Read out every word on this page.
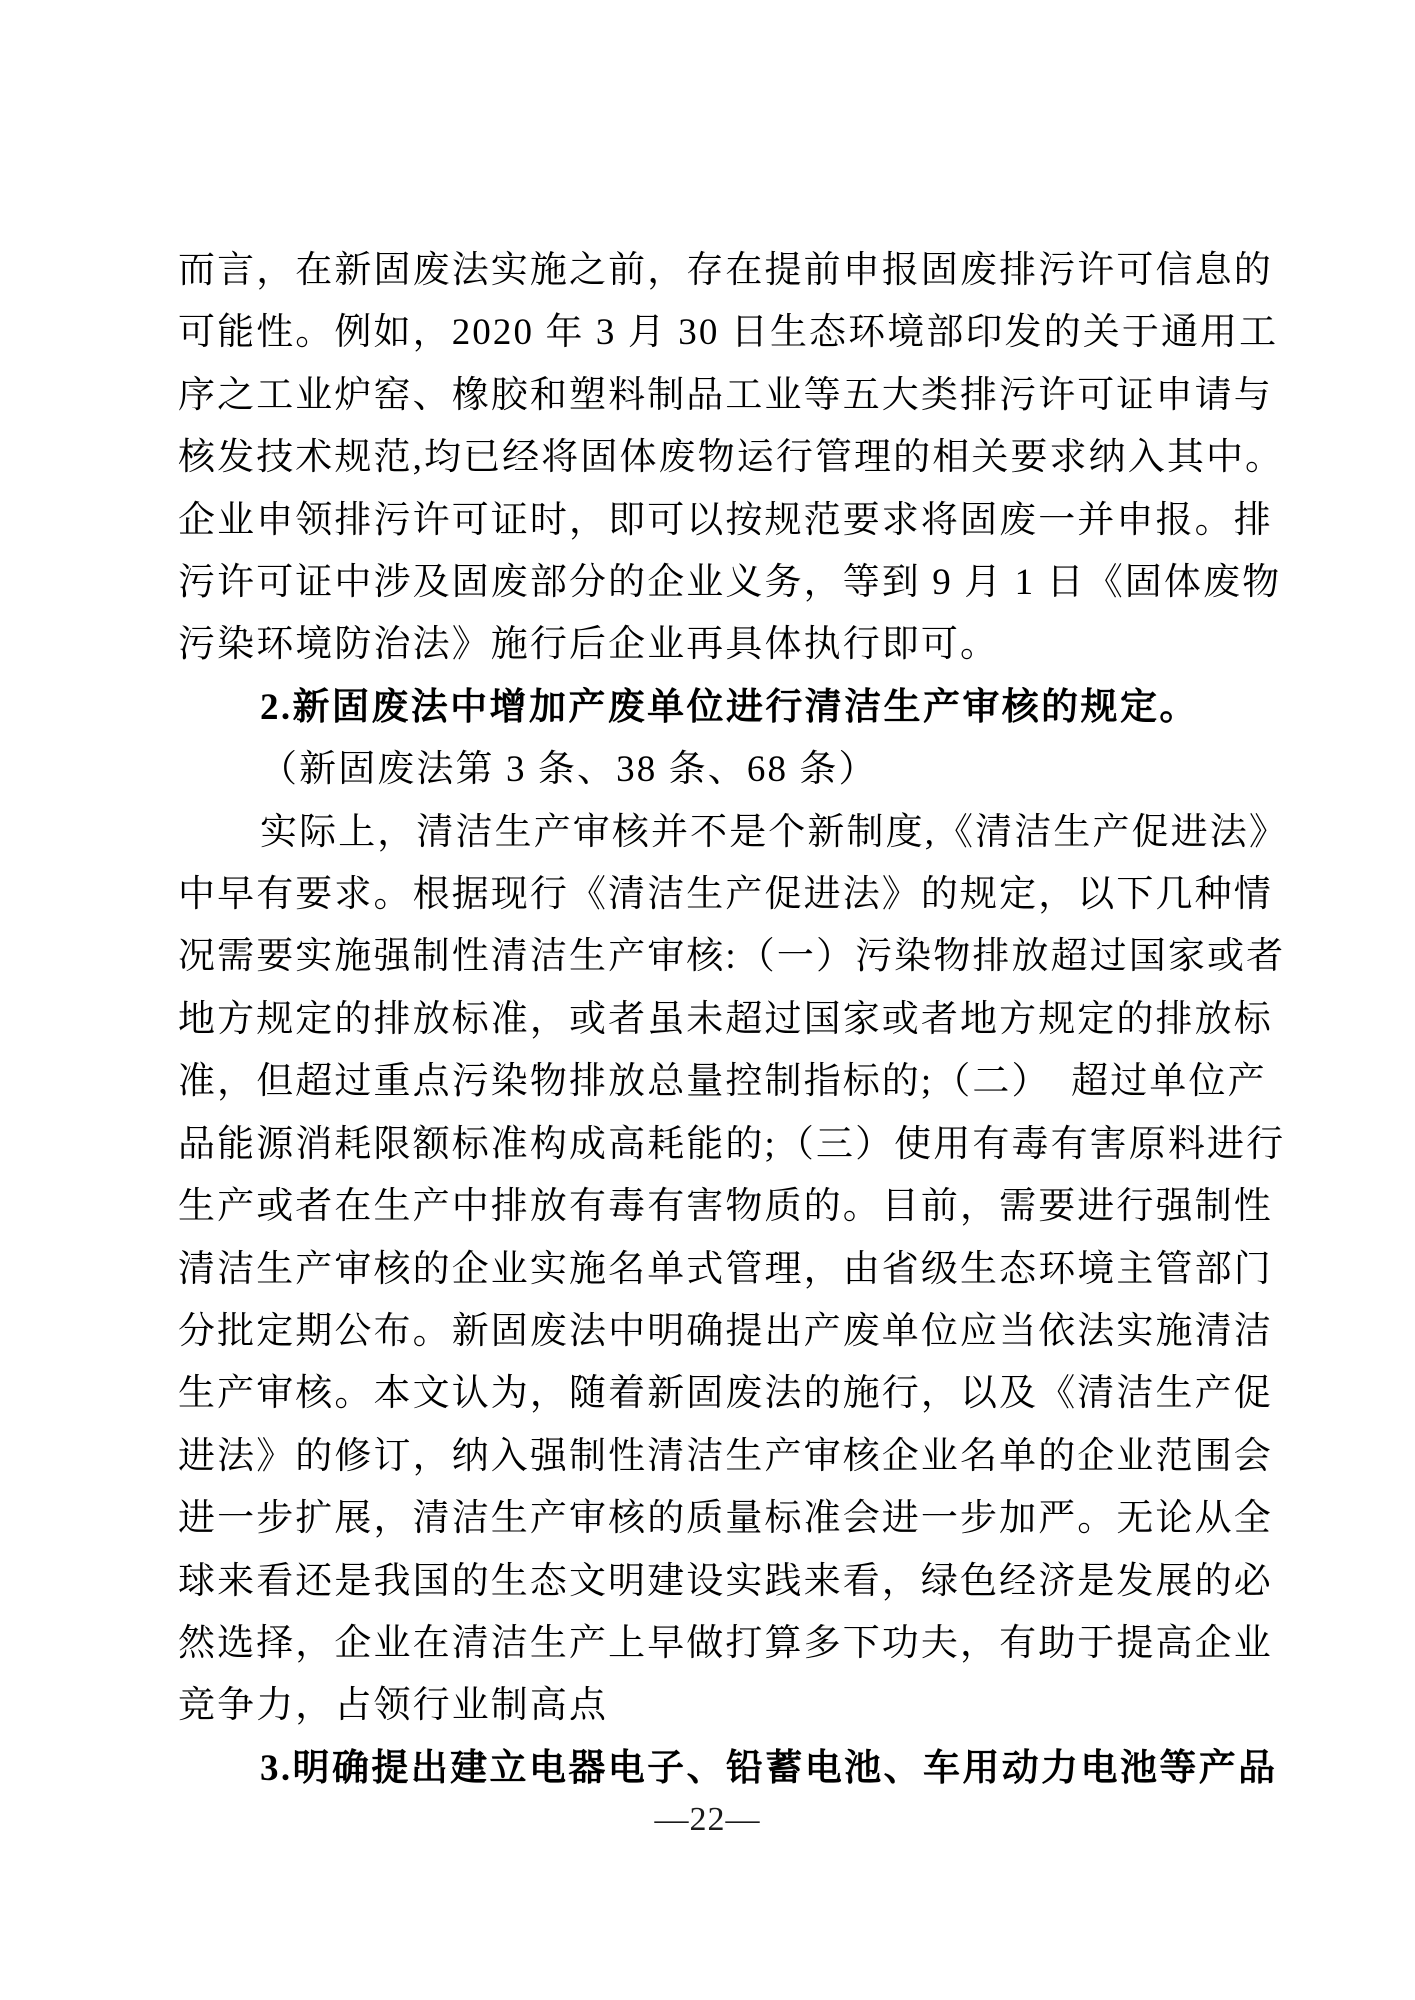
而言，在新固废法实施之前，存在提前申报固废排污许可信息的
可能性。例如，2020 年 3 月 30 日生态环境部印发的关于通用工
序之工业炉窑、橡胶和塑料制品工业等五大类排污许可证申请与
核发技术规范,均已经将固体废物运行管理的相关要求纳入其中。
企业申领排污许可证时，即可以按规范要求将固废一并申报。排
污许可证中涉及固废部分的企业义务，等到 9 月 1 日《固体废物
污染环境防治法》施行后企业再具体执行即可。
2.新固废法中增加产废单位进行清洁生产审核的规定。
（新固废法第 3 条、38 条、68 条）
实际上，清洁生产审核并不是个新制度,《清洁生产促进法》
中早有要求。根据现行《清洁生产促进法》的规定，以下几种情
况需要实施强制性清洁生产审核:（一）污染物排放超过国家或者
地方规定的排放标准，或者虽未超过国家或者地方规定的排放标
准，但超过重点污染物排放总量控制指标的;（二）　超过单位产
品能源消耗限额标准构成高耗能的;（三）使用有毒有害原料进行
生产或者在生产中排放有毒有害物质的。目前，需要进行强制性
清洁生产审核的企业实施名单式管理，由省级生态环境主管部门
分批定期公布。新固废法中明确提出产废单位应当依法实施清洁
生产审核。本文认为，随着新固废法的施行，以及《清洁生产促
进法》的修订，纳入强制性清洁生产审核企业名单的企业范围会
进一步扩展，清洁生产审核的质量标准会进一步加严。无论从全
球来看还是我国的生态文明建设实践来看，绿色经济是发展的必
然选择，企业在清洁生产上早做打算多下功夫，有助于提高企业
竞争力，占领行业制高点
3.明确提出建立电器电子、铅蓄电池、车用动力电池等产品
—22—
